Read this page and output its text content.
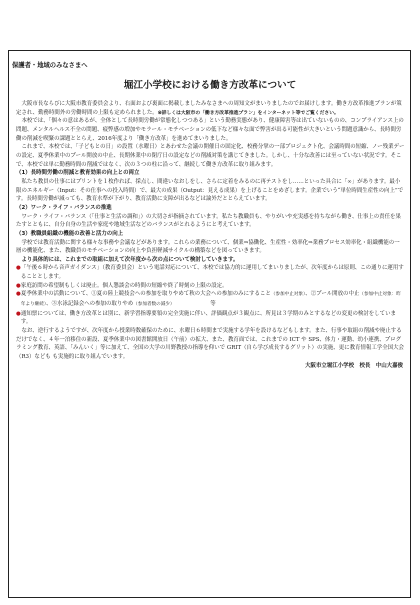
保護者・地域のみなさまへ
堀江小学校における働き方改革について

大阪市長ならびに大阪市教育委員会より、右面および裏面に掲載しましたみなさまへの周知文がまいりましたのでお届けします。働き方改革推進プランが策定され、勤務時間外の労働時間の上限も定められました。※詳しくは大阪市の「働き方改革推進プラン」をインターネット等でご覧ください。

本校では、「個々の意はあるが、全体として長時間労働が常態化しつつある」という勤務実態があり、健康障害等は出ていないものの、コンプライアンス上の問題、メンタルヘルス不全の問題、疲弊感の増加やモラール・モチベーションの低下など様々な面で弊害が出る可能性が大きいという問題意識から、長時間労働の削減を喫緊の課題ととらえ、2016年度より「働き方改革」を進めてまいりました。

これまで、本校では、「子どもとの日」の設置（水曜日）とあわせた会議の開催日の固定化、校務分掌の一部プロジェクト化、会議時間の短縮、ノー残業デーの設定、夏季休業中のプール開放の中止、長期休業中の閉庁日の設定などの削減対策を講じてきました。しかし、十分な改善には至っていない状況です。そこで、本校では単に勤務時間の削減ではなく、次の３つの柱に沿って、継続して働き方改革に取り組みます。

（1）長時間労働の削減と教育効果の向上との両立

私たち教員の仕事にはプリントを１枚作れば、採点し、間違いなおしをし、さらに定着をみるのに再テストをし……といった具合に「∞」があります。最小限のエネルギー（Input：その仕事への投入時間）で、最大の成果（Output：見える成果）を上げることをめざします。企業でいう“単位時間生産性の向上”です。長時間労働が減っても、教育水準が下がり、教育活動に支障が出るなどは論外だととらえています。

（2）ワーク・ライフ・バランスの推進

ワーク・ライフ・バランス（「仕事と生活の調和」）の大切さが指摘されています。私たち教職員も、やりがいや充実感を持ちながら働き、仕事上の責任を果たすとともに、自分自身の生活や家庭や地域生活などのバランスがとれるようにと考えています。

（3）教職員組織の機能の改善と活力の向上

学校では教育活動に関する様々な事務や会議などがあります。これらの業務について、個業⇒協働化、生産性・効率化⇒業務プロセス効率化・組織機能の一層の機能化、また、教職員のモチベーションの向上や負担軽減サイクルの構築などを図っていきます。

より具体的には、これまでの取組に加えて次年度から次の点について検討していきます。

●「午後６時から音声ガイダンス」（教育委員会）という電話対応について、本校では協力的に運用してまいりましたが、次年度からは原則、この通りに運用することとします。

●家庭訪問の希望制もしくは廃止。個人懇談会の時間の短縮や終了時刻の上限の設定。

●夏季休業中の活動について、①夏の陸上競技会への参加を取りやめて秋の大会への参加のみにすること（参加中止対象）、②プール開放の中止（参加中止対象：昨年より継続）、③水泳記録会への参加の取りやめ（参加者数の減少）　　　　　　　等

●通知票については、働き方改革とは別に、新学習指導要領の完全実施に伴い、評価観点が３観点に、所見は３学期のみとするなどの変更の検討をしています。

なお、逆行するようですが、次年度から授業時数確保のために、水曜日６時間まで実施する学年を設けるなどもします。また、行事や取組の削減や廃止するだけでなく、４年一泊移住の新設、夏季休業中の図書館開放日（午前）の拡大、また、教育面では、これまでの ICT や SPS、体力・運動、幼小連携、プログラミング教育、英語、「みんいく」等に加えて、全国の大学の川野教授の指導を仰いで GRIT（自ら学び成長するグリット）の実施、更に教育情報工学全国大会（R3）なども も実施的に取り組んでいます。

大阪市立堀江小学校　校長　中山大嘉俊
